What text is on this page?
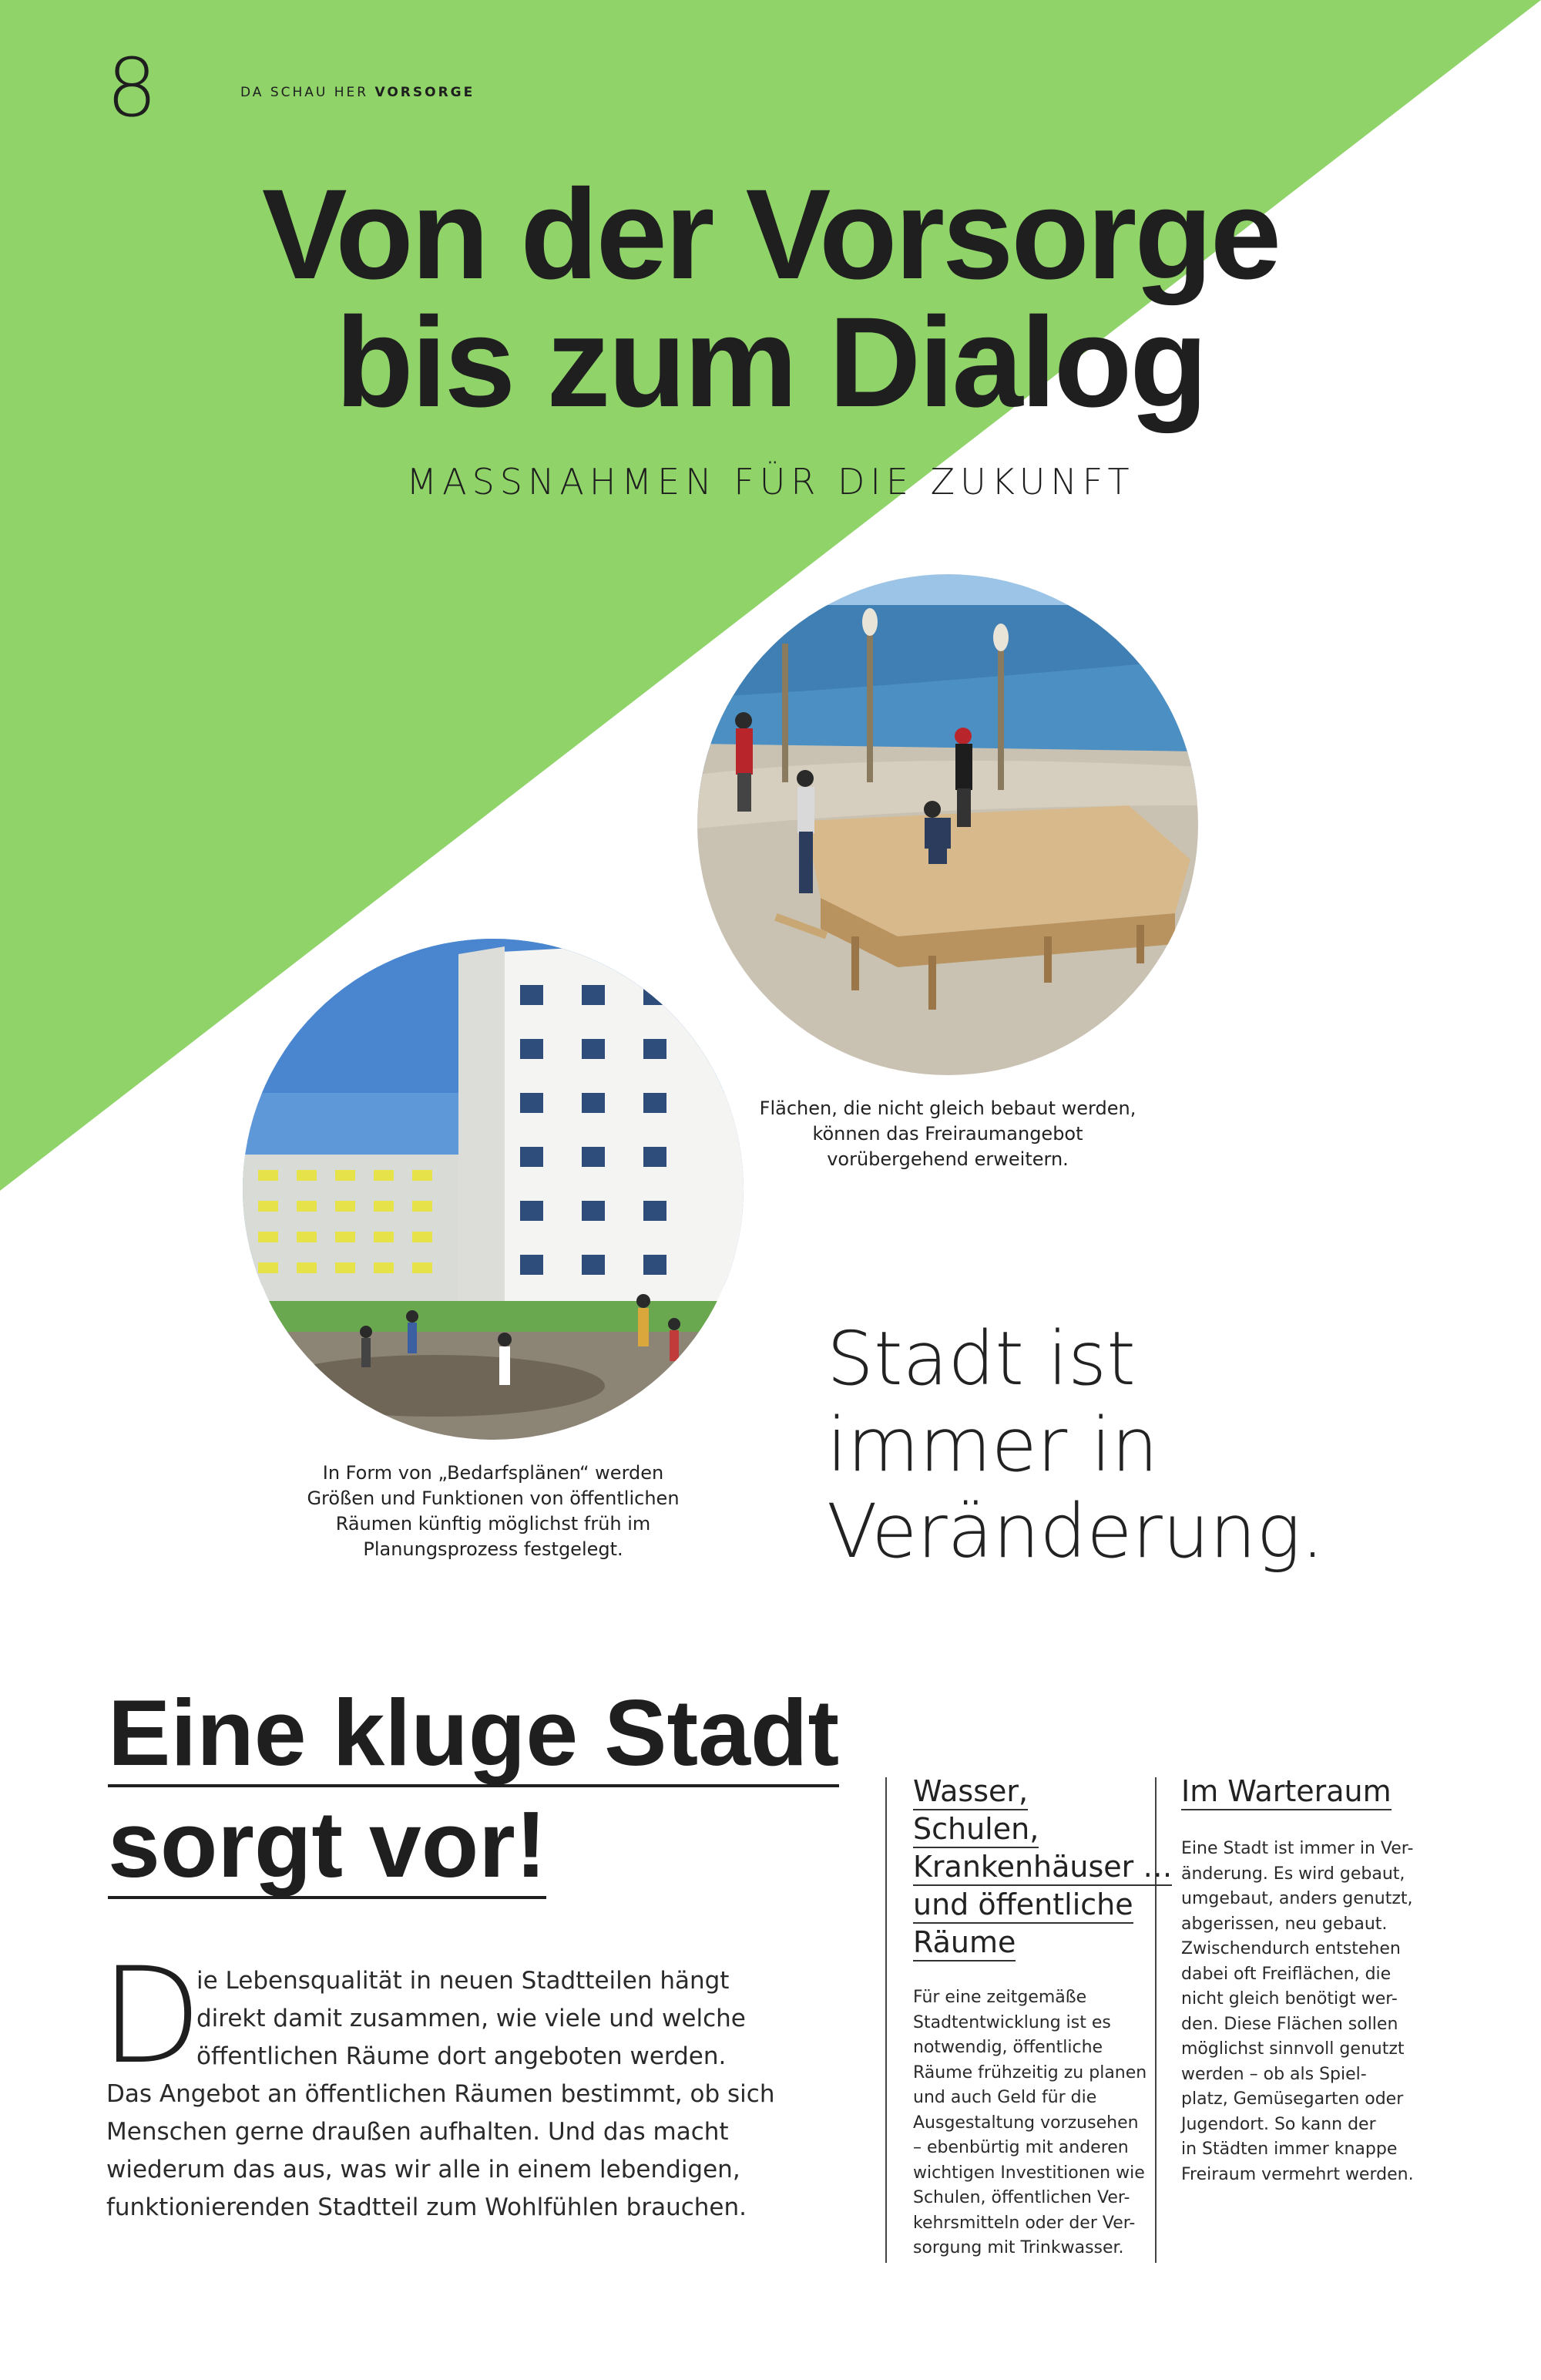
8	DA SCHAU HER VORSORGE
Von der Vorsorge
bis zum Dialog
MASSNAHMEN FÜR DIE ZUKUNFT
Flächen, die nicht gleich bebaut werden, können das Freiraumangebot vorübergehend erweitern.
In Form von „Bedarfsplänen“ werden Größen und Funktionen von öffentlichen Räumen künftig möglichst früh im Planungsprozess festgelegt.
Stadt ist
immer in
Veränderung.
Eine kluge Stadt
sorgt vor!
D
ie Lebensqualität in neuen Stadtteilen hängt direkt damit zusammen, wie viele und welche öffentlichen Räume dort angeboten werden.
Das Angebot an öffentlichen Räumen bestimmt, ob sich Menschen gerne draußen aufhalten. Und das macht wiederum das aus, was wir alle in einem lebendigen, funktionierenden Stadtteil zum Wohlfühlen brauchen.
Wasser,
Schulen,
Krankenhäuser …
und öffentliche
Räume
Für eine zeitgemäße
Stadtentwicklung ist es
notwendig, öffentliche
Räume frühzeitig zu planen
und auch Geld für die
Ausgestaltung vorzusehen
– ebenbürtig mit anderen
wichtigen Investitionen wie
Schulen, öffentlichen Ver-
kehrsmitteln oder der Ver-
sorgung mit Trinkwasser.
Im Warteraum
Eine Stadt ist immer in Ver-
änderung. Es wird gebaut,
umgebaut, anders genutzt,
abgerissen, neu gebaut.
Zwischendurch entstehen
dabei oft Freiflächen, die
nicht gleich benötigt wer-
den. Diese Flächen sollen
möglichst sinnvoll genutzt
werden – ob als Spiel-
platz, Gemüsegarten oder
Jugendort. So kann der
in Städten immer knappe
Freiraum vermehrt werden.
